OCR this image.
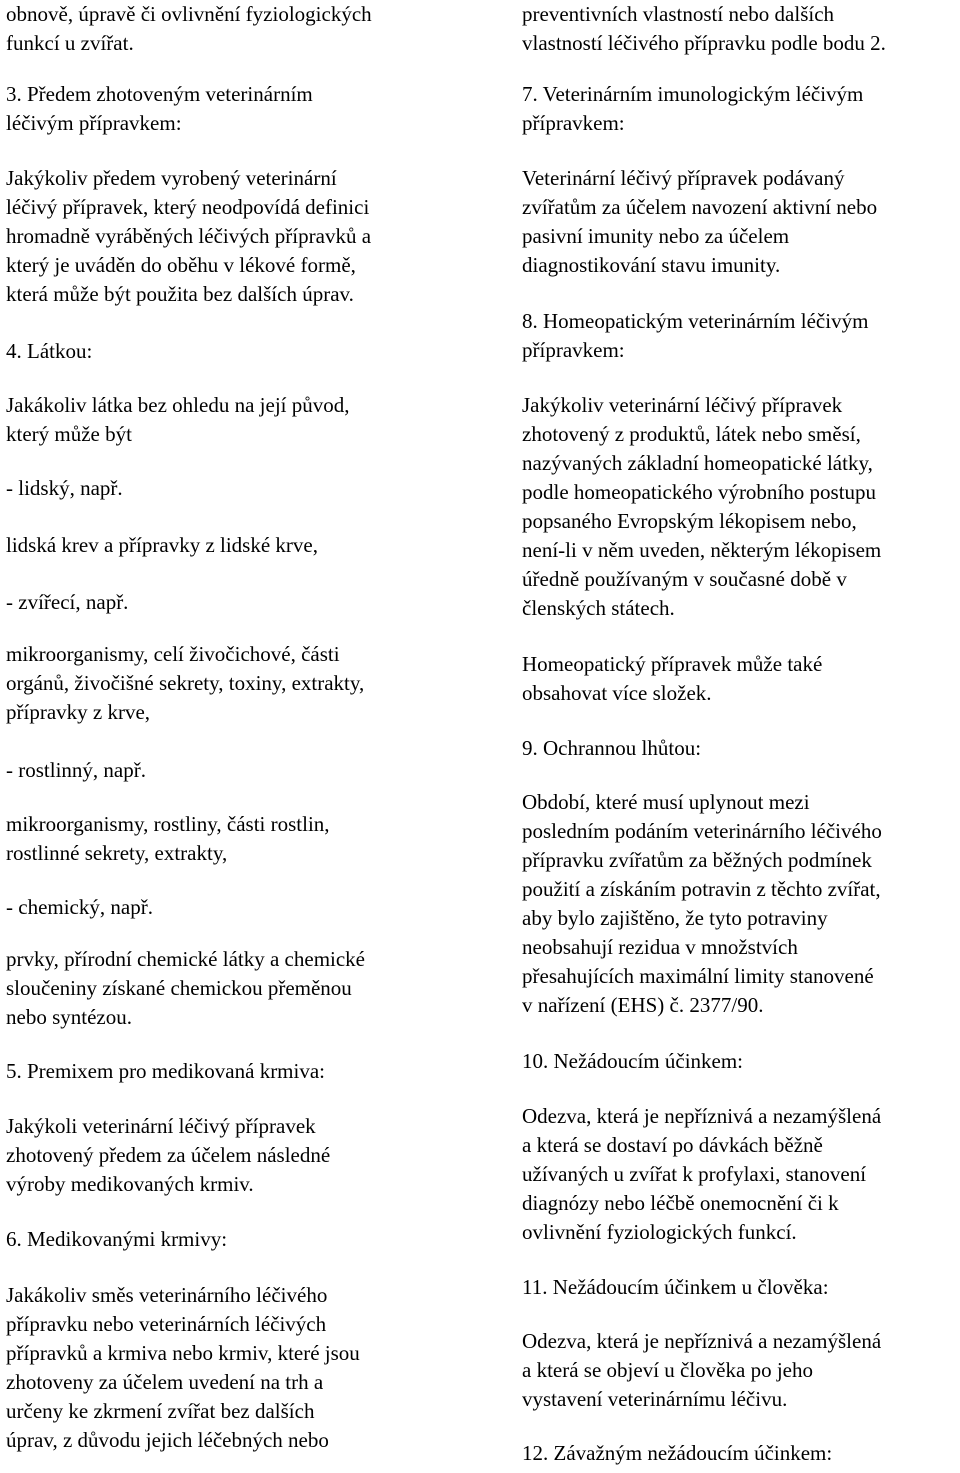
obnově, úpravě či ovlivnění fyziologických
funkcí u zvířat.

3. Předem zhotoveným veterinárním
léčivým přípravkem:

Jakýkoliv předem vyrobený veterinární
léčivý přípravek, který neodpovídá definici
hromadně vyráběných léčivých přípravků a
který je uváděn do oběhu v lékové formě,
která může být použita bez dalších úprav.

4. Látkou:

Jakákoliv látka bez ohledu na její původ,
který může být

- lidský, např.

lidská krev a přípravky z lidské krve,

- zvířecí, např.

mikroorganismy, celí živočichové, části
orgánů, živočišné sekrety, toxiny, extrakty,
přípravky z krve,

- rostlinný, např.

mikroorganismy, rostliny, části rostlin,
rostlinné sekrety, extrakty,

- chemický, např.

prvky, přírodní chemické látky a chemické
sloučeniny získané chemickou přeměnou
nebo syntézou.

5. Premixem pro medikovaná krmiva:

Jakýkoli veterinární léčivý přípravek
zhotovený předem za účelem následné
výroby medikovaných krmiv.

6. Medikovanými krmivy:

Jakákoliv směs veterinárního léčivého
přípravku nebo veterinárních léčivých
přípravků a krmiva nebo krmiv, které jsou
zhotoveny za účelem uvedení na trh a
určeny ke zkrmení zvířat bez dalších
úprav, z důvodu jejich léčebných nebo

preventivních vlastností nebo dalších
vlastností léčivého přípravku podle bodu 2.

7. Veterinárním imunologickým léčivým
přípravkem:

Veterinární léčivý přípravek podávaný
zvířatům za účelem navození aktivní nebo
pasivní imunity nebo za účelem
diagnostikování stavu imunity.

8. Homeopatickým veterinárním léčivým
přípravkem:

Jakýkoliv veterinární léčivý přípravek
zhotovený z produktů, látek nebo směsí,
nazývaných základní homeopatické látky,
podle homeopatického výrobního postupu
popsaného Evropským lékopisem nebo,
není-li v něm uveden, některým lékopisem
úředně používaným v současné době v
členských státech.

Homeopatický přípravek může také
obsahovat více složek.

9. Ochrannou lhůtou:

Období, které musí uplynout mezi
posledním podáním veterinárního léčivého
přípravku zvířatům za běžných podmínek
použití a získáním potravin z těchto zvířat,
aby bylo zajištěno, že tyto potraviny
neobsahují rezidua v množstvích
přesahujících maximální limity stanovené
v nařízení (EHS) č. 2377/90.

10. Nežádoucím účinkem:

Odezva, která je nepříznivá a nezamýšlená
a která se dostaví po dávkách běžně
užívaných u zvířat k profylaxi, stanovení
diagnózy nebo léčbě onemocnění či k
ovlivnění fyziologických funkcí.

11. Nežádoucím účinkem u člověka:

Odezva, která je nepříznivá a nezamýšlená
a která se objeví u člověka po jeho
vystavení veterinárnímu léčivu.

12. Závažným nežádoucím účinkem:
